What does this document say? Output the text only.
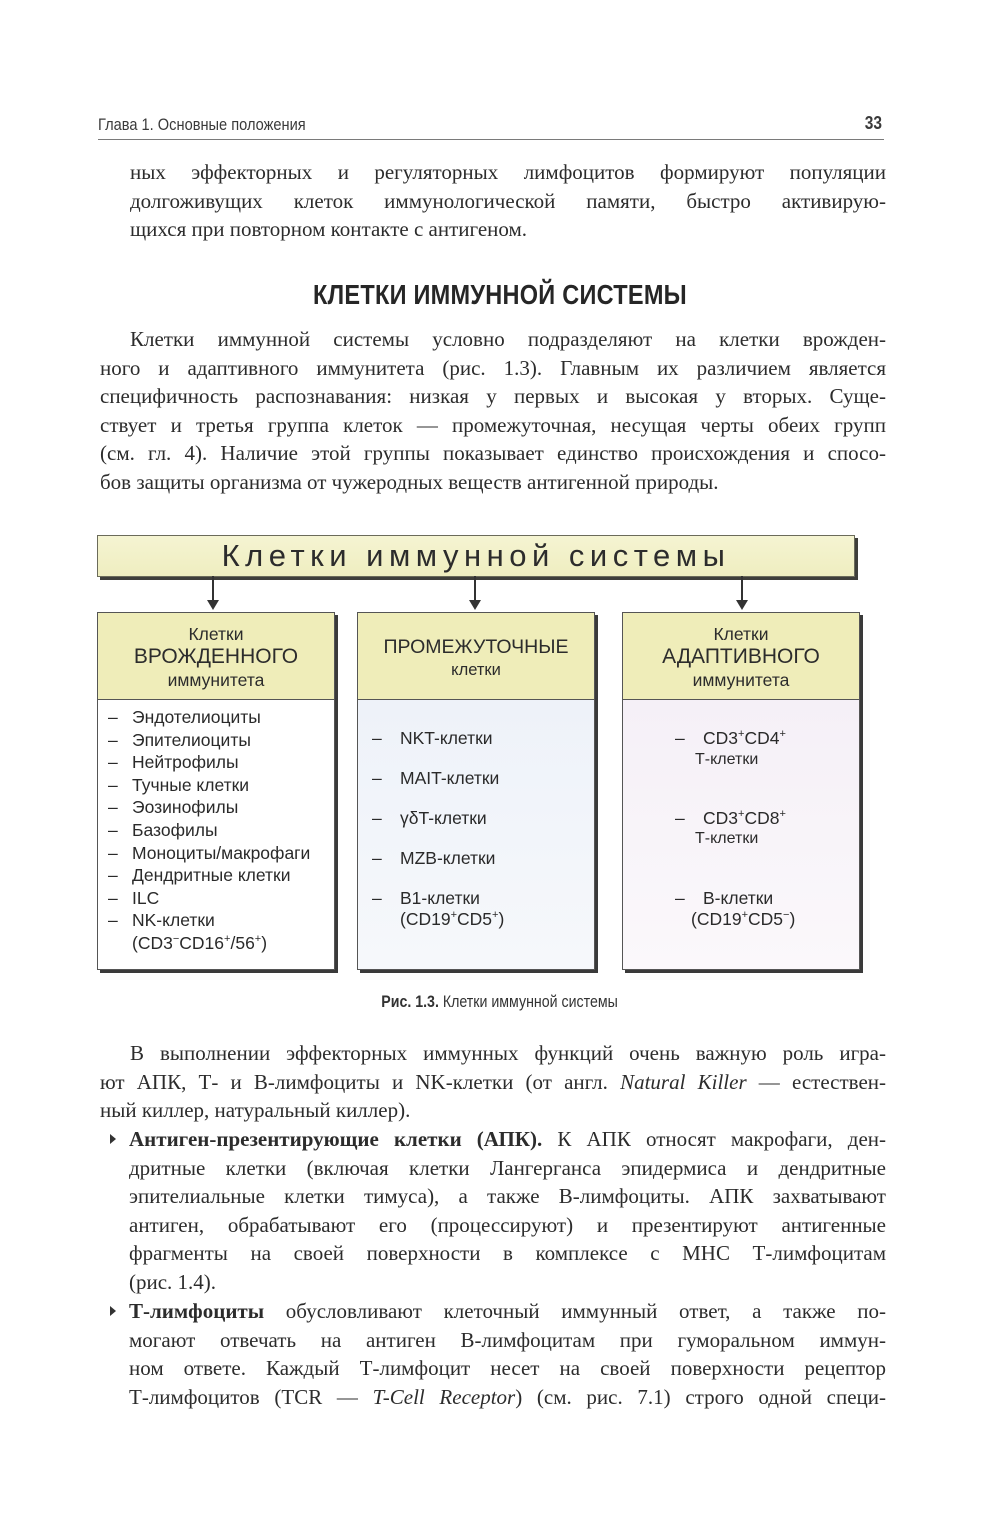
Глава 1. Основные положения	33
ных эффекторных и регуляторных лимфоцитов формируют популяции
долгоживущих клеток иммунологической памяти, быстро активирую-
щихся при повторном контакте с антигеном.
КЛЕТКИ ИММУННОЙ СИСТЕМЫ
Клетки иммунной системы условно подразделяют на клетки врожден-
ного и адаптивного иммунитета (рис. 1.3). Главным их различием является
специфичность распознавания: низкая у первых и высокая у вторых. Суще-
ствует и третья группа клеток — промежуточная, несущая черты обеих групп
(см. гл. 4). Наличие этой группы показывает единство происхождения и спосо-
бов защиты организма от чужеродных веществ антигенной природы.
Клетки иммунной системы
Клетки
ВРОЖДЕННОГО
иммунитета
– Эндотелиоциты
– Эпителиоциты
– Нейтрофилы
– Тучные клетки
– Эозинофилы
– Базофилы
– Моноциты/макрофаги
– Дендритные клетки
– ILC
– NK-клетки
(CD3−CD16+/56+)
ПРОМЕЖУТОЧНЫЕ
клетки
– NKT-клетки
– MAIT-клетки
– γδT-клетки
– MZB-клетки
– B1-клетки
(CD19+CD5+)
Клетки
АДАПТИВНОГО
иммунитета
– CD3+CD4+
Т-клетки
– CD3+CD8+
Т-клетки
– В-клетки
(CD19+CD5−)
Рис. 1.3. Клетки иммунной системы
В выполнении эффекторных иммунных функций очень важную роль игра-
ют АПК, Т- и В-лимфоциты и NK-клетки (от англ. Natural Killer — естествен-
ный киллер, натуральный киллер).
Антиген-презентирующие клетки (АПК). К АПК относят макрофаги, ден-
дритные клетки (включая клетки Лангерганса эпидермиса и дендритные
эпителиальные клетки тимуса), а также В-лимфоциты. АПК захватывают
антиген, обрабатывают его (процессируют) и презентируют антигенные
фрагменты на своей поверхности в комплексе с MHC Т-лимфоцитам
(рис. 1.4).
Т-лимфоциты обусловливают клеточный иммунный ответ, а также по-
могают отвечать на антиген В-лимфоцитам при гуморальном иммун-
ном ответе. Каждый Т-лимфоцит несет на своей поверхности рецептор
Т-лимфоцитов (TCR — T-Cell Receptor) (см. рис. 7.1) строго одной специ-
